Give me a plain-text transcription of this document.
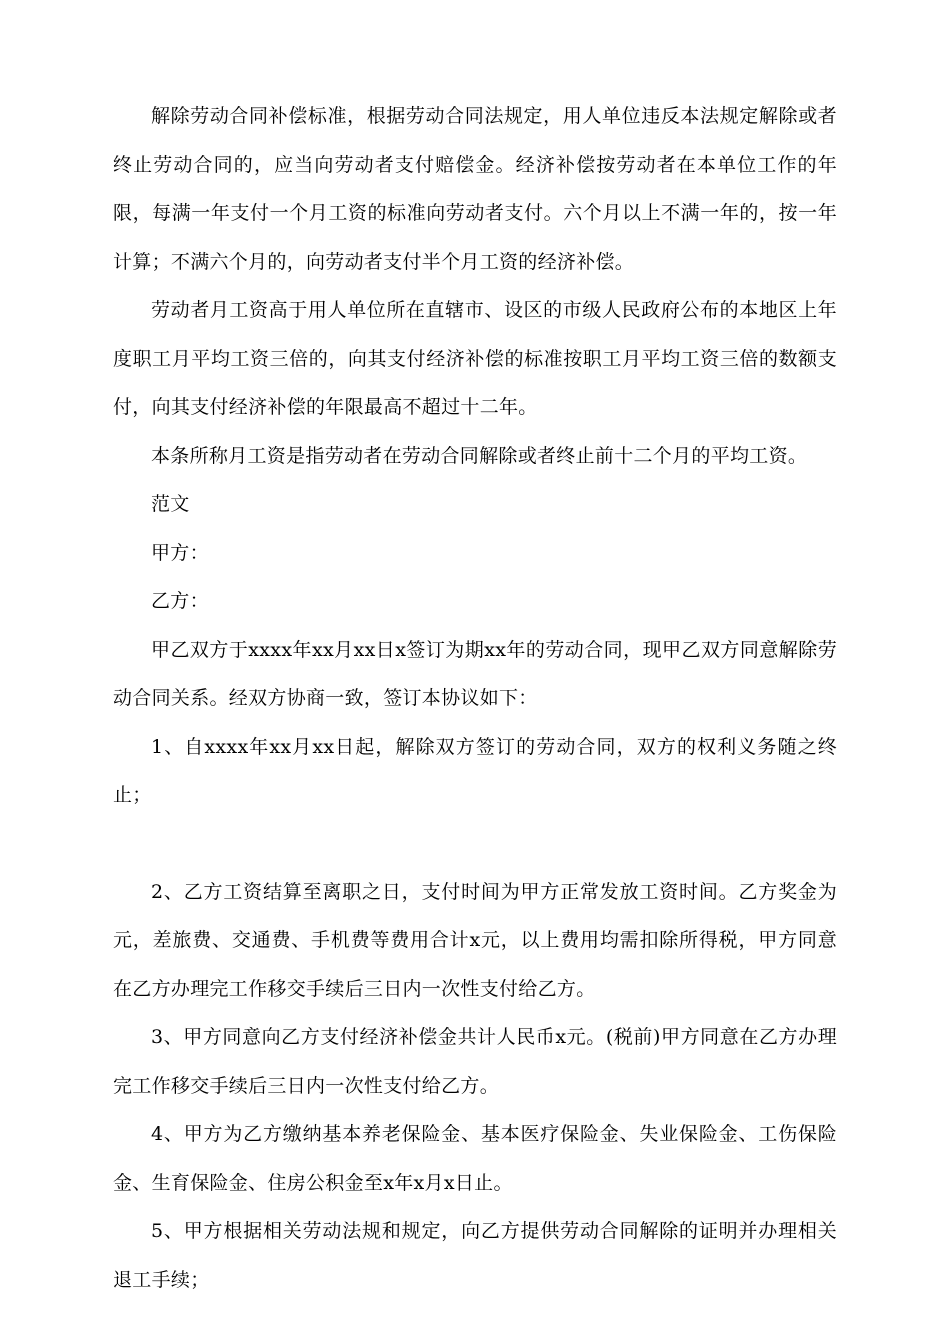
解除劳动合同补偿标准，根据劳动合同法规定，用人单位违反本法规定解除或者终止劳动合同的，应当向劳动者支付赔偿金。经济补偿按劳动者在本单位工作的年限，每满一年支付一个月工资的标准向劳动者支付。六个月以上不满一年的，按一年计算；不满六个月的，向劳动者支付半个月工资的经济补偿。

劳动者月工资高于用人单位所在直辖市、设区的市级人民政府公布的本地区上年度职工月平均工资三倍的，向其支付经济补偿的标准按职工月平均工资三倍的数额支付，向其支付经济补偿的年限最高不超过十二年。

本条所称月工资是指劳动者在劳动合同解除或者终止前十二个月的平均工资。

范文

甲方：

乙方：

甲乙双方于xxxx年xx月xx日x签订为期xx年的劳动合同，现甲乙双方同意解除劳动合同关系。经双方协商一致，签订本协议如下：

1、自xxxx年xx月xx日起，解除双方签订的劳动合同，双方的权利义务随之终止；

2、乙方工资结算至离职之日，支付时间为甲方正常发放工资时间。乙方奖金为元，差旅费、交通费、手机费等费用合计x元，以上费用均需扣除所得税，甲方同意在乙方办理完工作移交手续后三日内一次性支付给乙方。

3、甲方同意向乙方支付经济补偿金共计人民币x元。(税前)甲方同意在乙方办理完工作移交手续后三日内一次性支付给乙方。

4、甲方为乙方缴纳基本养老保险金、基本医疗保险金、失业保险金、工伤保险金、生育保险金、住房公积金至x年x月x日止。

5、甲方根据相关劳动法规和规定，向乙方提供劳动合同解除的证明并办理相关退工手续；
